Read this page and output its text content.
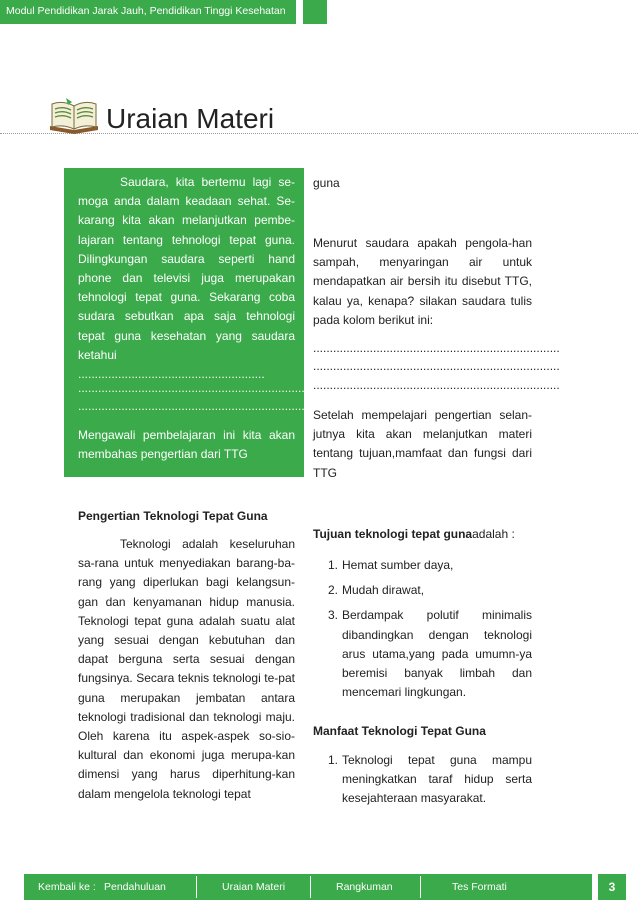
Modul Pendidikan Jarak Jauh, Pendidikan Tinggi Kesehatan
Uraian Materi
Saudara, kita bertemu lagi se-moga anda dalam keadaan sehat. Se-karang kita akan melanjutkan pembe-lajaran tentang tehnologi tepat guna. Dilingkungan saudara seperti hand phone dan televisi juga merupakan tehnologi tepat guna. Sekarang coba sudara sebutkan apa saja tehnologi tepat guna kesehatan yang saudara ketahui ........................................................
...........................................................................
...........................................................................
Mengawali pembelajaran ini kita akan membahas pengertian dari TTG
Pengertian Teknologi Tepat Guna
Teknologi adalah keseluruhan sa-rana untuk menyediakan barang-ba-rang yang diperlukan bagi kelangsun-gan dan kenyamanan hidup manusia. Teknologi tepat guna adalah suatu alat yang sesuai dengan kebutuhan dan dapat berguna serta sesuai dengan fungsinya. Secara teknis teknologi te-pat guna merupakan jembatan antara teknologi tradisional dan teknologi maju. Oleh karena itu aspek-aspek so-sio-kultural dan ekonomi juga merupa-kan dimensi yang harus diperhitung-kan dalam mengelola teknologi tepat
guna
Menurut saudara apakah pengola-han sampah, menyaringan air untuk mendapatkan air bersih itu disebut TTG, kalau ya, kenapa? silakan saudara tulis pada kolom berikut ini:
..........................................................................
..........................................................................
..........................................................................
Setelah mempelajari pengertian selan-jutnya kita akan melanjutkan materi tentang tujuan,mamfaat dan fungsi dari TTG
Tujuan teknologi tepat gunaadalah :
1. Hemat sumber daya,
2. Mudah dirawat,
3. Berdampak polutif minimalis dibandingkan dengan teknologi arus utama,yang pada umumn-ya beremisi banyak limbah dan mencemari lingkungan.
Manfaat Teknologi Tepat Guna
1. Teknologi tepat guna mampu meningkatkan taraf hidup serta kesejahteraan masyarakat.
Kembali ke : Pendahuluan	Uraian Materi	Rangkuman	Tes Formati	3
